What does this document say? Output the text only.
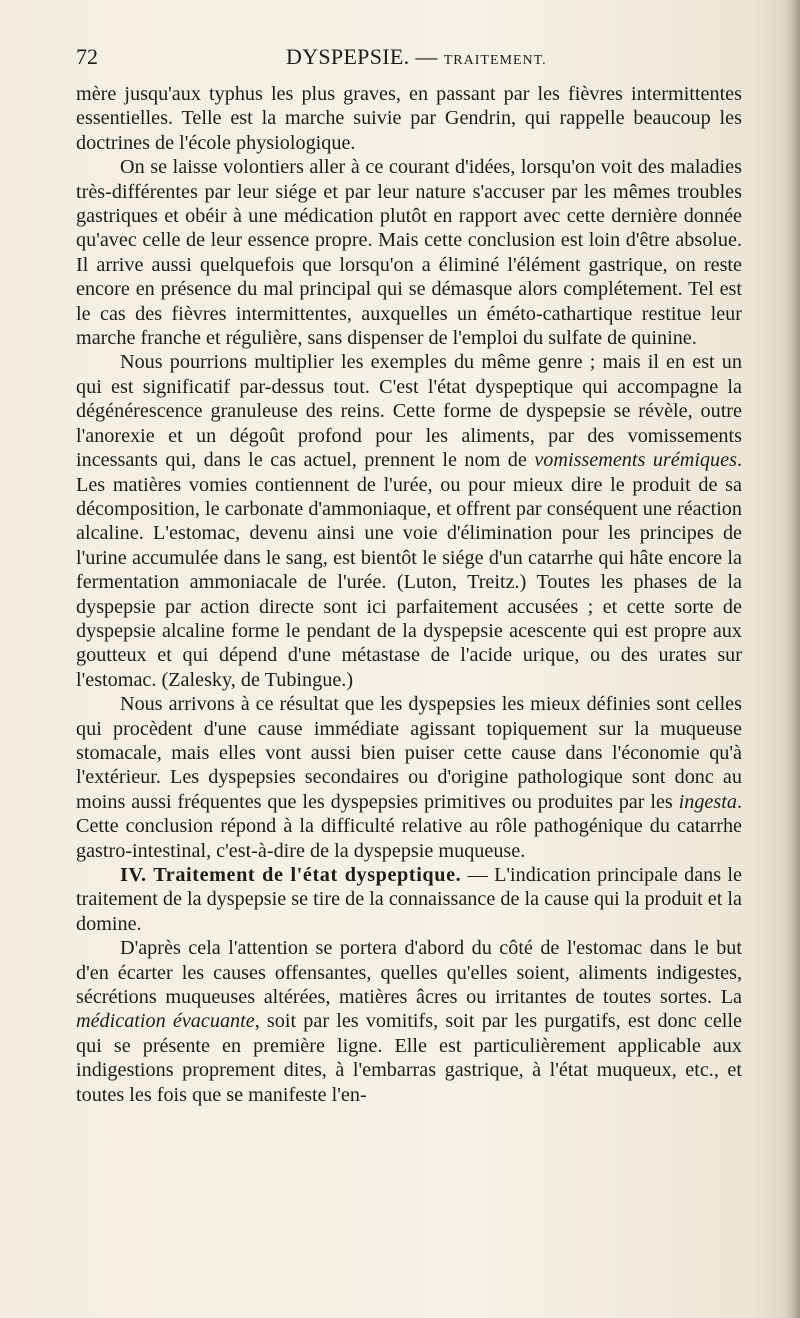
72	DYSPEPSIE. — TRAITEMENT.

mère jusqu'aux typhus les plus graves, en passant par les fièvres intermittentes essentielles. Telle est la marche suivie par Gendrin, qui rappelle beaucoup les doctrines de l'école physiologique.

On se laisse volontiers aller à ce courant d'idées, lorsqu'on voit des maladies très-différentes par leur siége et par leur nature s'accuser par les mêmes troubles gastriques et obéir à une médication plutôt en rapport avec cette dernière donnée qu'avec celle de leur essence propre. Mais cette conclusion est loin d'être absolue. Il arrive aussi quelquefois que lorsqu'on a éliminé l'élément gastrique, on reste encore en présence du mal principal qui se démasque alors complétement. Tel est le cas des fièvres intermittentes, auxquelles un éméto-cathartique restitue leur marche franche et régulière, sans dispenser de l'emploi du sulfate de quinine.

Nous pourrions multiplier les exemples du même genre ; mais il en est un qui est significatif par-dessus tout. C'est l'état dyspeptique qui accompagne la dégénérescence granuleuse des reins. Cette forme de dyspepsie se révèle, outre l'anorexie et un dégoût profond pour les aliments, par des vomissements incessants qui, dans le cas actuel, prennent le nom de vomissements urémiques. Les matières vomies contiennent de l'urée, ou pour mieux dire le produit de sa décomposition, le carbonate d'ammoniaque, et offrent par conséquent une réaction alcaline. L'estomac, devenu ainsi une voie d'élimination pour les principes de l'urine accumulée dans le sang, est bientôt le siége d'un catarrhe qui hâte encore la fermentation ammoniacale de l'urée. (Luton, Treitz.) Toutes les phases de la dyspepsie par action directe sont ici parfaitement accusées ; et cette sorte de dyspepsie alcaline forme le pendant de la dyspepsie acescente qui est propre aux goutteux et qui dépend d'une métastase de l'acide urique, ou des urates sur l'estomac. (Zalesky, de Tubingue.)

Nous arrivons à ce résultat que les dyspepsies les mieux définies sont celles qui procèdent d'une cause immédiate agissant topiquement sur la muqueuse stomacale, mais elles vont aussi bien puiser cette cause dans l'économie qu'à l'extérieur. Les dyspepsies secondaires ou d'origine pathologique sont donc au moins aussi fréquentes que les dyspepsies primitives ou produites par les ingesta. Cette conclusion répond à la difficulté relative au rôle pathogénique du catarrhe gastro-intestinal, c'est-à-dire de la dyspepsie muqueuse.

IV. Traitement de l'état dyspeptique. — L'indication principale dans le traitement de la dyspepsie se tire de la connaissance de la cause qui la produit et la domine.

D'après cela l'attention se portera d'abord du côté de l'estomac dans le but d'en écarter les causes offensantes, quelles qu'elles soient, aliments indigestes, sécrétions muqueuses altérées, matières âcres ou irritantes de toutes sortes. La médication évacuante, soit par les vomitifs, soit par les purgatifs, est donc celle qui se présente en première ligne. Elle est particulièrement applicable aux indigestions proprement dites, à l'embarras gastrique, à l'état muqueux, etc., et toutes les fois que se manifeste l'en-
